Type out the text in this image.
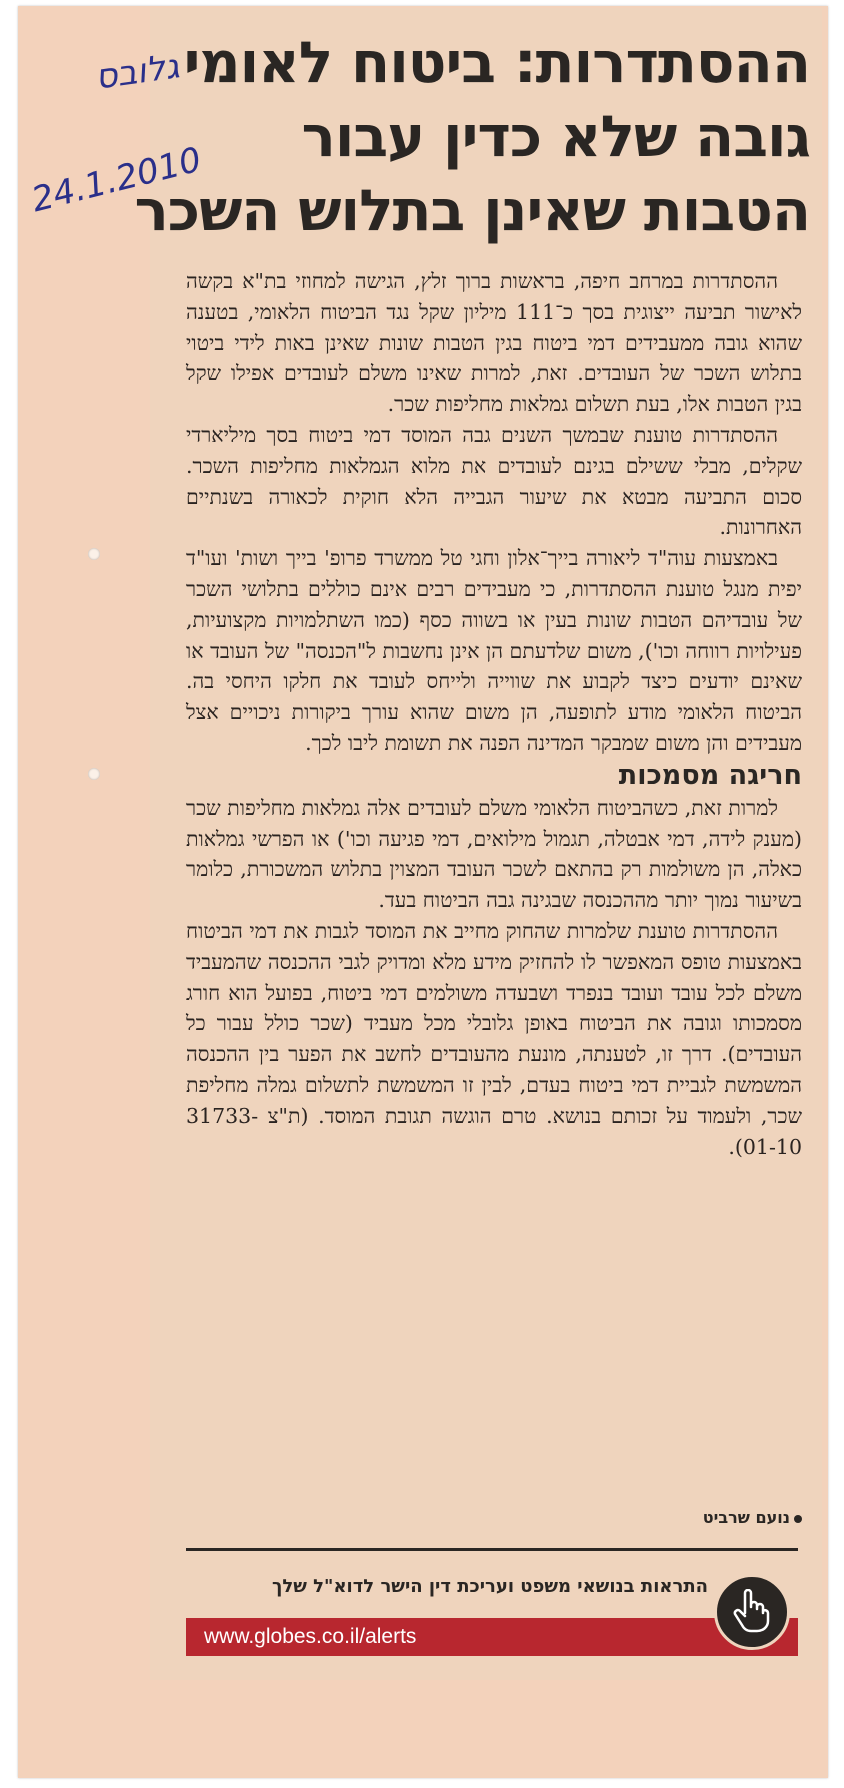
גלובס
24.1.2010
ההסתדרות: ביטוח לאומי
גובה שלא כדין עבור
הטבות שאינן בתלוש השכר

ההסתדרות במרחב חיפה, בראשות ברוך זלץ, הגישה למחוזי בת"א בקשה לאישור תביעה ייצוגית בסך כ־111 מיליון שקל נגד הביטוח הלאומי, בטענה שהוא גובה ממעבידים דמי ביטוח בגין הטבות שונות שאינן באות לידי ביטוי בתלוש השכר של העובדים. זאת, למרות שאינו משלם לעובדים אפילו שקל בגין הטבות אלו, בעת תשלום גמלאות מחליפות שכר.

ההסתדרות טוענת שבמשך השנים גבה המוסד דמי ביטוח בסך מיליארדי שקלים, מבלי ששילם בגינם לעובדים את מלוא הגמלאות מחליפות השכר. סכום התביעה מבטא את שיעור הגבייה הלא חוקית לכאורה בשנתיים האחרונות.

באמצעות עוה"ד ליאורה בייך־אלון וחגי טל ממשרד פרופ' בייך ושות' ועו"ד יפית מנגל טוענת ההסתדרות, כי מעבידים רבים אינם כוללים בתלושי השכר של עובדיהם הטבות שונות בעין או בשווה כסף (כמו השתלמויות מקצועיות, פעילויות רווחה וכו'), משום שלדעתם הן אינן נחשבות ל"הכנסה" של העובד או שאינם יודעים כיצד לקבוע את שווייה ולייחס לעובד את חלקו היחסי בה. הביטוח הלאומי מודע לתופעה, הן משום שהוא עורך ביקורות ניכויים אצל מעבידים והן משום שמבקר המדינה הפנה את תשומת ליבו לכך.

חריגה מסמכות

למרות זאת, כשהביטוח הלאומי משלם לעובדים אלה גמלאות מחליפות שכר (מענק לידה, דמי אבטלה, תגמול מילואים, דמי פגיעה וכו') או הפרשי גמלאות כאלה, הן משולמות רק בהתאם לשכר העובד המצוין בתלוש המשכורת, כלומר בשיעור נמוך יותר מההכנסה שבגינה גבה הביטוח בעד.

ההסתדרות טוענת שלמרות שהחוק מחייב את המוסד לגבות את דמי הביטוח באמצעות טופס המאפשר לו להחזיק מידע מלא ומדויק לגבי ההכנסה שהמעביד משלם לכל עובד ועובד בנפרד ושבעדה משולמים דמי ביטוח, בפועל הוא חורג מסמכותו וגובה את הביטוח באופן גלובלי מכל מעביד (שכר כולל עבור כל העובדים). דרך זו, לטענתה, מונעת מהעובדים לחשב את הפער בין ההכנסה המשמשת לגביית דמי ביטוח בעדם, לבין זו המשמשת לתשלום גמלה מחליפת שכר, ולעמוד על זכותם בנושא. טרם הוגשה תגובת המוסד. (ת"צ 31733-01-10).

נועם שרביט
התראות בנושאי משפט ועריכת דין הישר לדוא"ל שלך
www.globes.co.il/alerts
